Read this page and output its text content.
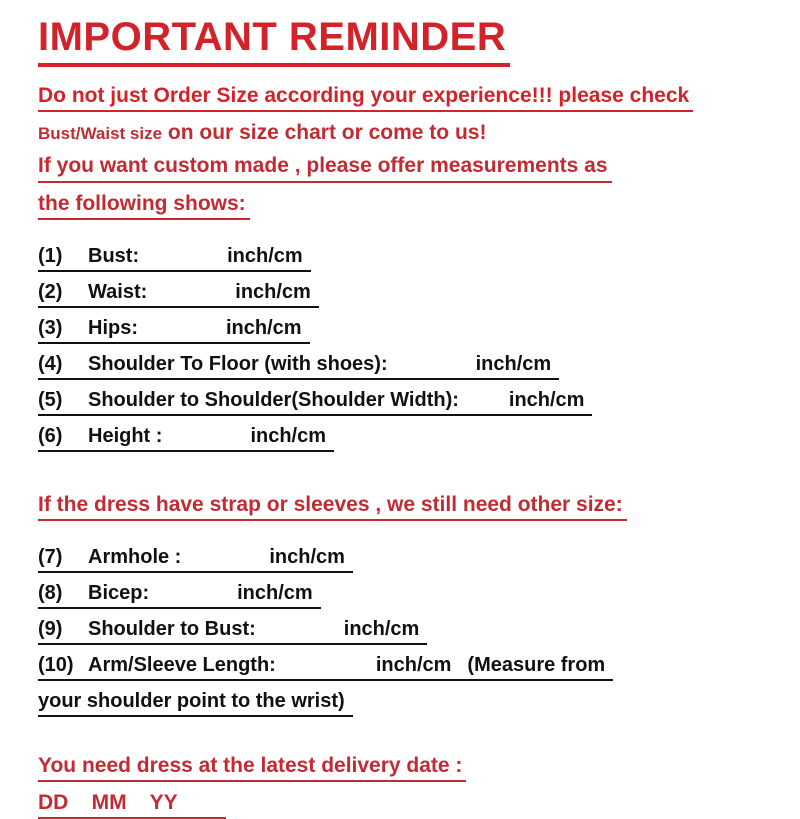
IMPORTANT REMINDER

Do not just Order Size according your experience!!! please check

Bust/Waist size on our size chart or come to us!

If you want custom made , please offer measurements as

the following shows:

(1) Bust:	inch/cm
(2) Waist:	inch/cm
(3) Hips:	inch/cm
(4) Shoulder To Floor (with shoes):	inch/cm
(5) Shoulder to Shoulder(Shoulder Width):	inch/cm
(6) Height :	inch/cm

If the dress have strap or sleeves , we still need other size:

(7) Armhole :	inch/cm
(8) Bicep:	inch/cm
(9) Shoulder to Bust:	inch/cm
(10) Arm/Sleeve Length:	inch/cm (Measure from
your shoulder point to the wrist)

You need dress at the latest delivery date :

DD    MM    YY
